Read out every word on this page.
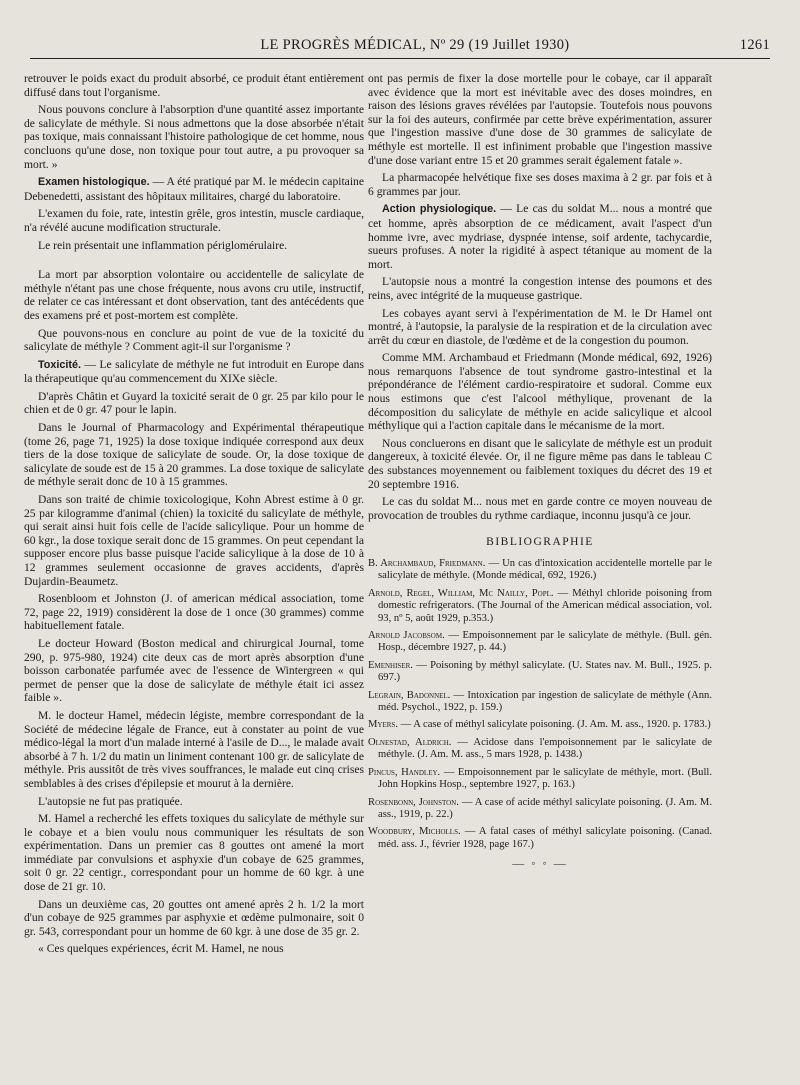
LE PROGRÈS MÉDICAL, Nº 29 (19 Juillet 1930)	1261

retrouver le poids exact du produit absorbé, ce produit étant entièrement diffusé dans tout l'organisme.

Nous pouvons conclure à l'absorption d'une quantité assez importante de salicylate de méthyle. Si nous admettons que la dose absorbée n'était pas toxique, mais connaissant l'histoire pathologique de cet homme, nous concluons qu'une dose, non toxique pour tout autre, a pu provoquer sa mort. »

Examen histologique. — A été pratiqué par M. le médecin capitaine Debenedetti, assistant des hôpitaux militaires, chargé du laboratoire.

L'examen du foie, rate, intestin grêle, gros intestin, muscle cardiaque, n'a révélé aucune modification structurale.

Le rein présentait une inflammation périglomérulaire.

La mort par absorption volontaire ou accidentelle de salicylate de méthyle n'étant pas une chose fréquente, nous avons cru utile, instructif, de relater ce cas intéressant et dont observation, tant des antécédents que des examens pré et post-mortem est complète.

Que pouvons-nous en conclure au point de vue de la toxicité du salicylate de méthyle ? Comment agit-il sur l'organisme ?

Toxicité. — Le salicylate de méthyle ne fut introduit en Europe dans la thérapeutique qu'au commencement du XIXe siècle.

D'après Châtin et Guyard la toxicité serait de 0 gr. 25 par kilo pour le chien et de 0 gr. 47 pour le lapin.

Dans le Journal of Pharmacology and Expérimental thérapeutique (tome 26, page 71, 1925) la dose toxique indiquée correspond aux deux tiers de la dose toxique de salicylate de soude. Or, la dose toxique de salicylate de soude est de 15 à 20 grammes. La dose toxique de salicylate de méthyle serait donc de 10 à 15 grammes.

Dans son traité de chimie toxicologique, Kohn Abrest estime à 0 gr. 25 par kilogramme d'animal (chien) la toxicité du salicylate de méthyle, qui serait ainsi huit fois celle de l'acide salicylique. Pour un homme de 60 kgr., la dose toxique serait donc de 15 grammes. On peut cependant la supposer encore plus basse puisque l'acide salicylique à la dose de 10 à 12 grammes seulement occasionne de graves accidents, d'après Dujardin-Beaumetz.

Rosenbloom et Johnston (J. of american médical association, tome 72, page 22, 1919) considèrent la dose de 1 once (30 grammes) comme habituellement fatale.

Le docteur Howard (Boston medical and chirurgical Journal, tome 290, p. 975-980, 1924) cite deux cas de mort après absorption d'une boisson carbonatée parfumée avec de l'essence de Wintergreen « qui permet de penser que la dose de salicylate de méthyle était ici assez faible ».

M. le docteur Hamel, médecin légiste, membre correspondant de la Société de médecine légale de France, eut à constater au point de vue médico-légal la mort d'un malade interné à l'asile de D..., le malade avait absorbé à 7 h. 1/2 du matin un liniment contenant 100 gr. de salicylate de méthyle. Pris aussitôt de très vives souffrances, le malade eut cinq crises semblables à des crises d'épilepsie et mourut à la dernière.

L'autopsie ne fut pas pratiquée.

M. Hamel a recherché les effets toxiques du salicylate de méthyle sur le cobaye et a bien voulu nous communiquer les résultats de son expérimentation. Dans un premier cas 8 gouttes ont amené la mort immédiate par convulsions et asphyxie d'un cobaye de 625 grammes, soit 0 gr. 22 centigr., correspondant pour un homme de 60 kgr. à une dose de 21 gr. 10.

Dans un deuxième cas, 20 gouttes ont amené après 2 h. 1/2 la mort d'un cobaye de 925 grammes par asphyxie et œdème pulmonaire, soit 0 gr. 543, correspondant pour un homme de 60 kgr. à une dose de 35 gr. 2.

« Ces quelques expériences, écrit M. Hamel, ne nous

ont pas permis de fixer la dose mortelle pour le cobaye, car il apparaît avec évidence que la mort est inévitable avec des doses moindres, en raison des lésions graves révélées par l'autopsie. Toutefois nous pouvons sur la foi des auteurs, confirmée par cette brève expérimentation, assurer que l'ingestion massive d'une dose de 30 grammes de salicylate de méthyle est mortelle. Il est infiniment probable que l'ingestion massive d'une dose variant entre 15 et 20 grammes serait également fatale ».

La pharmacopée helvétique fixe ses doses maxima à 2 gr. par fois et à 6 grammes par jour.

Action physiologique. — Le cas du soldat M... nous a montré que cet homme, après absorption de ce médicament, avait l'aspect d'un homme ivre, avec mydriase, dyspnée intense, soif ardente, tachycardie, sueurs profuses. A noter la rigidité à aspect tétanique au moment de la mort.

L'autopsie nous a montré la congestion intense des poumons et des reins, avec intégrité de la muqueuse gastrique.

Les cobayes ayant servi à l'expérimentation de M. le Dr Hamel ont montré, à l'autopsie, la paralysie de la respiration et de la circulation avec arrêt du cœur en diastole, de l'œdème et de la congestion du poumon.

Comme MM. Archambaud et Friedmann (Monde médical, 692, 1926) nous remarquons l'absence de tout syndrome gastro-intestinal et la prépondérance de l'élément cardio-respiratoire et sudoral. Comme eux nous estimons que c'est l'alcool méthylique, provenant de la décomposition du salicylate de méthyle en acide salicylique et alcool méthylique qui a l'action capitale dans le mécanisme de la mort.

Nous concluerons en disant que le salicylate de méthyle est un produit dangereux, à toxicité élevée. Or, il ne figure même pas dans le tableau C des substances moyennement ou faiblement toxiques du décret des 19 et 20 septembre 1916.

Le cas du soldat M... nous met en garde contre ce moyen nouveau de provocation de troubles du rythme cardiaque, inconnu jusqu'à ce jour.

BIBLIOGRAPHIE

B. Archambaud, Friedmann. — Un cas d'intoxication accidentelle mortelle par le salicylate de méthyle. (Monde médical, 692, 1926.)

Arnold, Regel, William, Mc Nailly, Popl. — Méthyl chloride poisoning from domestic refrigerators. (The Journal of the American médical association, vol. 93, nº 5, août 1929, p.353.)

Arnold Jacobsom. — Empoisonnement par le salicylate de méthyle. (Bull. gén. Hosp., décembre 1927, p. 44.)

Emenhiser. — Poisoning by méthyl salicylate. (U. States nav. M. Bull., 1925. p. 697.)

Legrain, Badonnel. — Intoxication par ingestion de salicylate de méthyle (Ann. méd. Psychol., 1922, p. 159.)

Myers. — A case of méthyl salicylate poisoning. (J. Am. M. ass., 1920. p. 1783.)

Olnestad, Aldrich. — Acidose dans l'empoisonnement par le salicylate de méthyle. (J. Am. M. ass., 5 mars 1928, p. 1438.)

Pincus, Handley. — Empoisonnement par le salicylate de méthyle, mort. (Bull. John Hopkins Hosp., septembre 1927, p. 163.)

Rosenbonn, Johnston. — A case of acide méthyl salicylate poisoning. (J. Am. M. ass., 1919, p. 22.)

Woodbury, Micholls. — A fatal cases of méthyl salicylate poisoning. (Canad. méd. ass. J., février 1928, page 167.)

— ◦ ◦ —
